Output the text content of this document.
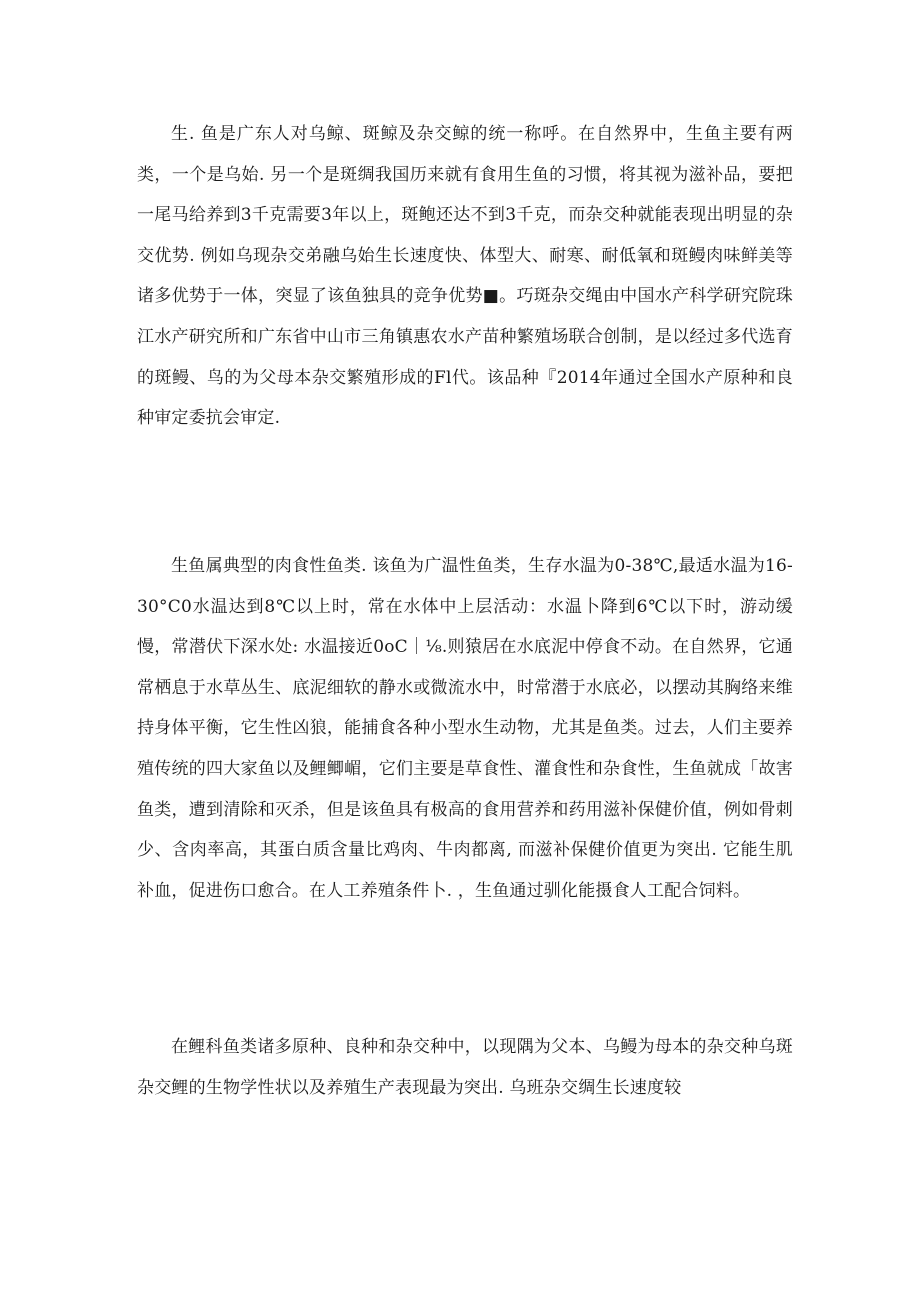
生. 鱼是广东人对乌鲸、斑鲸及杂交鲸的统一称呼。在自然界中，生鱼主要有两类，一个是乌始. 另一个是斑绸我国历来就有食用生鱼的习惯，将其视为滋补品，要把一尾马给养到3千克需要3年以上，斑鲍还达不到3千克，而杂交种就能表现出明显的杂交优势. 例如乌现杂交弟融乌始生长速度快、体型大、耐寒、耐低氧和斑鳗肉味鲜美等诸多优势于一体，突显了该鱼独具的竞争优势■。巧斑杂交绳由中国水产科学研究院珠江水产研究所和广东省中山市三角镇惠农水产苗种繁殖场联合创制，是以经过多代选育的斑鳗、鸟的为父母本杂交繁殖形成的Fl代。该品种『2014年通过全国水产原种和良种审定委抗会审定.

生鱼属典型的肉食性鱼类. 该鱼为广温性鱼类，生存水温为0-38℃,最适水温为16-30°C0水温达到8℃以上时，常在水体中上层活动：水温卜降到6℃以下时，游动缓慢，常潜伏下深水处: 水温接近0oC｜⅛.则猿居在水底泥中停食不动。在自然界，它通常栖息于水草丛生、底泥细软的静水或微流水中，时常潜于水底必，以摆动其胸络来维持身体平衡，它生性凶狼，能捕食各种小型水生动物，尤其是鱼类。过去，人们主要养殖传统的四大家鱼以及鲤鲫嵋，它们主要是草食性、灌食性和杂食性，生鱼就成「故害鱼类，遭到清除和灭杀，但是该鱼具有极高的食用营养和药用滋补保健价值，例如骨刺少、含肉率高，其蛋白质含量比鸡肉、牛肉都离, 而滋补保健价值更为突出. 它能生肌补血，促进伤口愈合。在人工养殖条件卜. ，生鱼通过驯化能摄食人工配合饲料。

在鲤科鱼类诸多原种、良种和杂交种中，以现隅为父本、乌鳗为母本的杂交种乌斑杂交鲤的生物学性状以及养殖生产表现最为突出. 乌班杂交绸生长速度较
